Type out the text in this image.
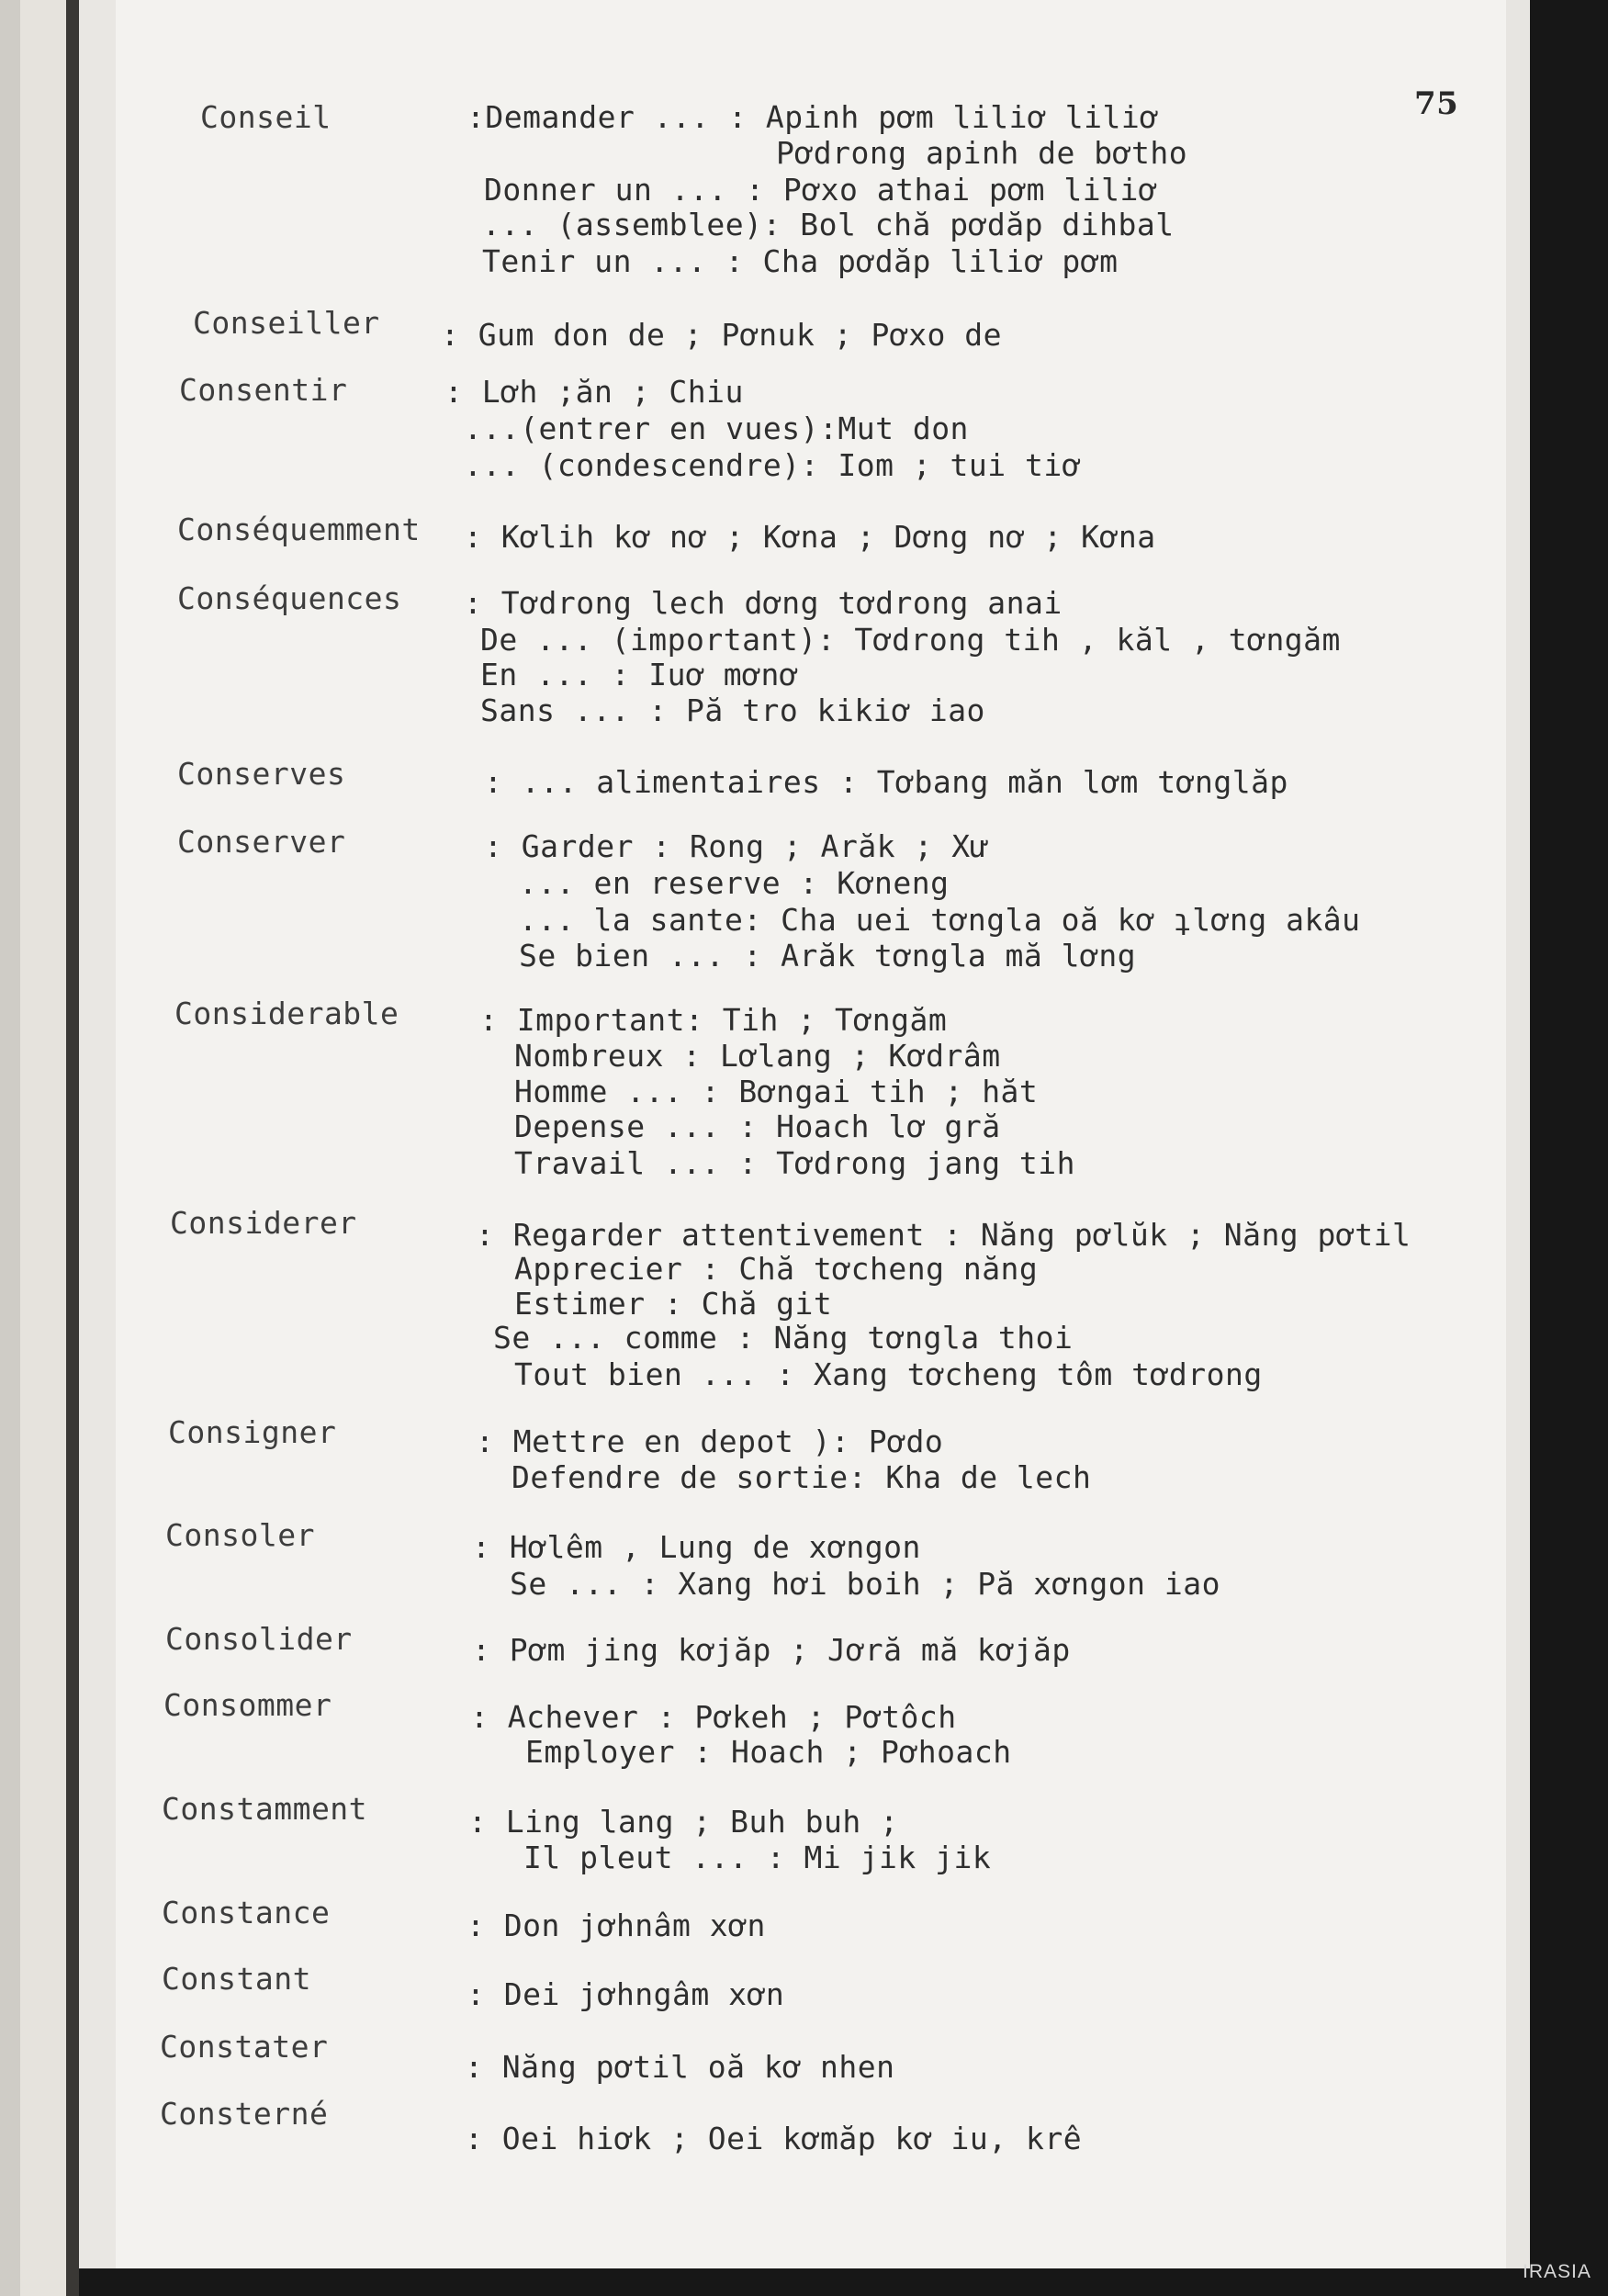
75
IRASIA
Conseil	:Demander ... : Apinh pơm liliơ liliơ
Pơdrong apinh de bơtho
Donner un ... : Pơxo athai pơm liliơ
... (assemblee): Bol chă pơdăp dihbal
Tenir un ... : Cha pơdăp liliơ pơm
Conseiller : Gum don de ; Pơnuk ; Pơxo de
Consentir	: Lơh ;ăn ; Chiu
...(entrer en vues):Mut don
... (condescendre): Iom ; tui tiơ
Conséquemment : Kơlih kơ nơ ; Kơna ; Dơng nơ ; Kơna
Conséquences : Tơdrong lech dơng tơdrong anai
De ... (important): Tơdrong tih , kăl , tơngăm
En ... : Iuơ mơnơ
Sans ... : Pă tro kikiơ iao
Conserves	: ... alimentaires : Tơbang măn lơm tơnglăp
Conserver	: Garder : Rong ; Arăk ; Xư
... en reserve : Kơneng
... la sante: Cha uei tơngla oă kơ ʇlơng akâu
Se bien ... : Arăk tơngla mă lơng
Considerable	: Important: Tih ; Tơngăm
Nombreux : Lơlang ; Kơdrâm
Homme ... : Bơngai tih ; hăt
Depense ... : Hoach lơ gră
Travail ... : Tơdrong jang tih
Considerer	: Regarder attentivement : Năng pơlŭk ; Năng pơtil
Apprecier : Chă tơcheng năng
Estimer : Chă git
Se ... comme : Năng tơngla thoi
Tout bien ... : Xang tơcheng tôm tơdrong
Consigner	: Mettre en depot ): Pơdo
Defendre de sortie: Kha de lech
Consoler	: Hơlêm , Lung de xơngon
Se ... : Xang hơi boih ; Pă xơngon iao
Consolider	: Pơm jing kơjăp ; Jơră mă kơjăp
Consommer	: Achever : Pơkeh ; Pơtôch
Employer : Hoach ; Pơhoach
Constamment	: Ling lang ; Buh buh ;
Il pleut ... : Mi jik jik
Constance	: Don jơhnâm xơn
Constant	: Dei jơhngâm xơn
Constater
: Năng pơtil oă kơ nhen
Consterné
: Oei hiơk ; Oei kơmăp kơ iu, krê
